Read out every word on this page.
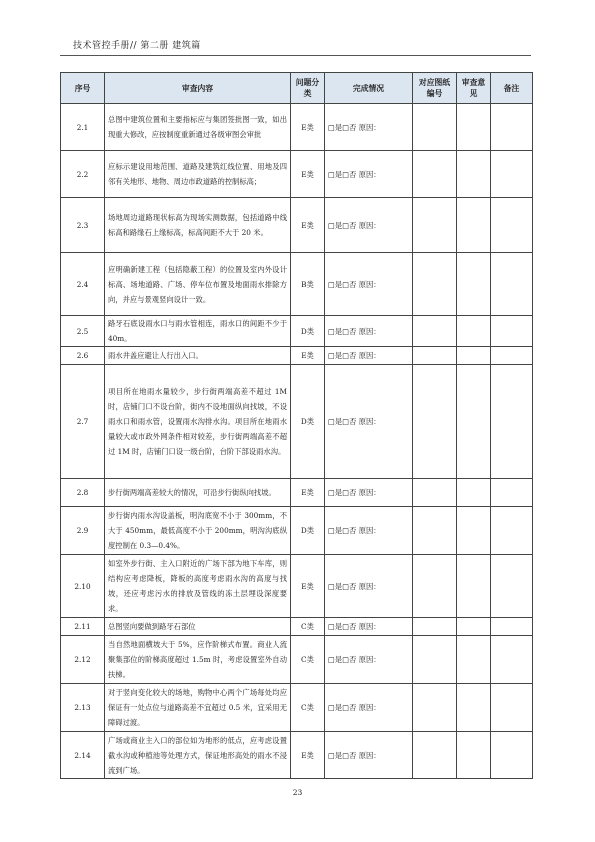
技术管控手册// 第二册 建筑篇
序号	审查内容	问题分类	完成情况	对应图纸编号	审查意见	备注
2.1	总图中建筑位置和主要指标应与集团签批图一致，如出现重大修改，应按制度重新通过各级审图会审批	E类	□是□否 原因：			
2.2	应标示建设用地范围、道路及建筑红线位置、用地及四邻有关地形、地物、周边市政道路的控制标高；	E类	□是□否 原因：			
2.3	场地周边道路现状标高为现场实测数据，包括道路中线标高和路缘石上缘标高，标高间距不大于 20 米。	E类	□是□否 原因：			
2.4	应明确新建工程（包括隐蔽工程）的位置及室内外设计标高、场地道路、广场、停车位布置及地面雨水排除方向，并应与景观竖向设计一致。	B类	□是□否 原因：			
2.5	路牙石底设雨水口与雨水管相连，雨水口的间距不少于 40m。	D类	□是□否 原因：			
2.6	雨水井盖应避让人行出入口。	E类	□是□否 原因：			
2.7	项目所在地雨水量较少，步行街两端高差不超过 1M 时，店铺门口不设台阶，街内不设地面纵向找坡，不设雨水口和雨水管，设置雨水沟排水沟。项目所在地雨水量较大或市政外网条件相对较差，步行街两端高差不超过 1M 时，店铺门口设一级台阶，台阶下部设雨水沟。	D类	□是□否 原因：			
2.8	步行街两端高差较大的情况，可沿步行街纵向找坡。	E类	□是□否 原因：			
2.9	步行街内雨水沟设盖板，明沟底宽不小于 300mm，不大于 450mm，最低高度不小于 200mm，明沟沟底纵度控制在 0.3—0.4%。	D类	□是□否 原因：			
2.10	如室外步行街、主入口附近的广场下部为地下车库，则结构应考虑降板，降板的高度考虑雨水沟的高度与找坡，还应考虑污水的排放及管线的冻土层埋设深度要求。	E类	□是□否 原因：			
2.11	总图竖向要做到路牙石部位	C类	□是□否 原因：			
2.12	当自然地面横坡大于 5%，应作阶梯式布置。商业人流聚集部位的阶梯高度超过 1.5m 时，考虑设置室外自动扶梯。	C类	□是□否 原因：			
2.13	对于竖向变化较大的场地，购物中心两个广场每处均应保证有一处点位与道路高差不宜超过 0.5 米，宜采用无障碍过渡。	C类	□是□否 原因：			
2.14	广场或商业主入口的部位如为地形的低点，应考虑设置截水沟或种植池等处理方式，保证地形高处的雨水不浸流到广场。	E类	□是□否 原因：			
23
